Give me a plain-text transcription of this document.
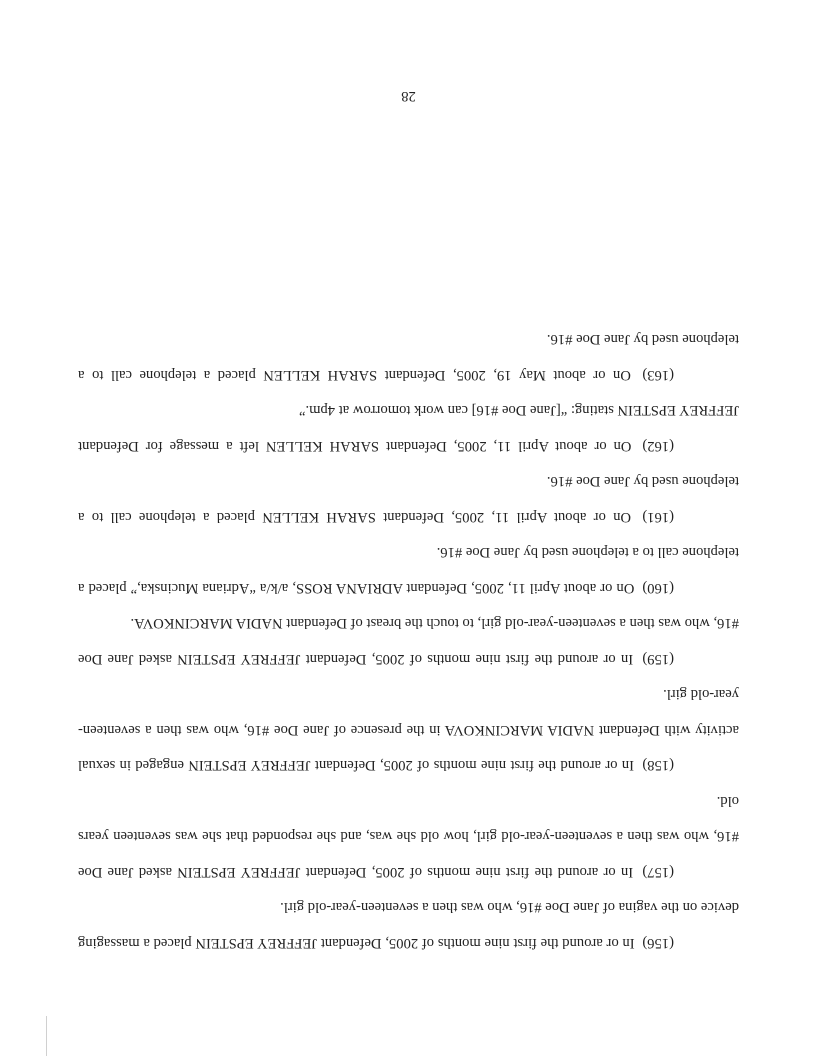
(156) In or around the first nine months of 2005, Defendant JEFFREY EPSTEIN placed a massaging device on the vagina of Jane Doe #16, who was then a seventeen-year-old girl.

(157) In or around the first nine months of 2005, Defendant JEFFREY EPSTEIN asked Jane Doe #16, who was then a seventeen-year-old girl, how old she was, and she responded that she was seventeen years old.

(158) In or around the first nine months of 2005, Defendant JEFFREY EPSTEIN engaged in sexual activity with Defendant NADIA MARCINKOVA in the presence of Jane Doe #16, who was then a seventeen-year-old girl.

(159) In or around the first nine months of 2005, Defendant JEFFREY EPSTEIN asked Jane Doe #16, who was then a seventeen-year-old girl, to touch the breast of Defendant NADIA MARCINKOVA.

(160) On or about April 11, 2005, Defendant ADRIANA ROSS, a/k/a “Adriana Mucinska,” placed a telephone call to a telephone used by Jane Doe #16.

(161) On or about April 11, 2005, Defendant SARAH KELLEN placed a telephone call to a telephone used by Jane Doe #16.

(162) On or about April 11, 2005, Defendant SARAH KELLEN left a message for Defendant JEFFREY EPSTEIN stating: “[Jane Doe #16] can work tomorrow at 4pm.”

(163) On or about May 19, 2005, Defendant SARAH KELLEN placed a telephone call to a telephone used by Jane Doe #16.

28
